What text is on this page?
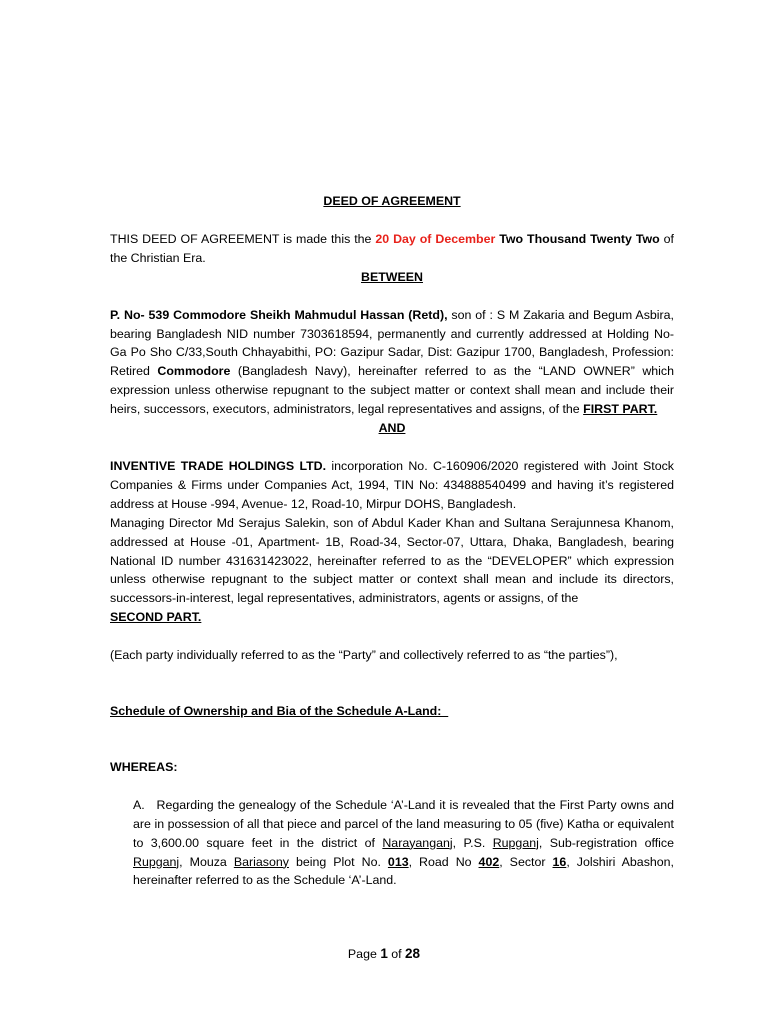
DEED OF AGREEMENT

THIS DEED OF AGREEMENT is made this the 20 Day of December Two Thousand Twenty Two of the Christian Era.

BETWEEN

P. No- 539 Commodore Sheikh Mahmudul Hassan (Retd), son of : S M Zakaria and Begum Asbira, bearing Bangladesh NID number 7303618594, permanently and currently addressed at Holding No- Ga Po Sho C/33,South Chhayabithi, PO: Gazipur Sadar, Dist: Gazipur 1700, Bangladesh, Profession: Retired Commodore (Bangladesh Navy), hereinafter referred to as the “LAND OWNER” which expression unless otherwise repugnant to the subject matter or context shall mean and include their heirs, successors, executors, administrators, legal representatives and assigns, of the FIRST PART.

AND

INVENTIVE TRADE HOLDINGS LTD. incorporation No. C-160906/2020 registered with Joint Stock Companies & Firms under Companies Act, 1994, TIN No: 434888540499 and having it’s registered address at House -994, Avenue- 12, Road-10, Mirpur DOHS, Bangladesh.

Managing Director Md Serajus Salekin, son of Abdul Kader Khan and Sultana Serajunnesa Khanom, addressed at House -01, Apartment- 1B, Road-34, Sector-07, Uttara, Dhaka, Bangladesh, bearing National ID number 431631423022, hereinafter referred to as the “DEVELOPER” which expression unless otherwise repugnant to the subject matter or context shall mean and include its directors, successors-in-interest, legal representatives, administrators, agents or assigns, of the

SECOND PART.

(Each party individually referred to as the “Party” and collectively referred to as “the parties”),

Schedule of Ownership and Bia of the Schedule A-Land:

WHEREAS:

A. Regarding the genealogy of the Schedule ‘A’-Land it is revealed that the First Party owns and are in possession of all that piece and parcel of the land measuring to 05 (five) Katha or equivalent to 3,600.00 square feet in the district of Narayanganj, P.S. Rupganj, Sub-registration office Rupganj, Mouza Bariasony being Plot No. 013, Road No 402, Sector 16, Jolshiri Abashon, hereinafter referred to as the Schedule ‘A’-Land.

Page 1 of 28
